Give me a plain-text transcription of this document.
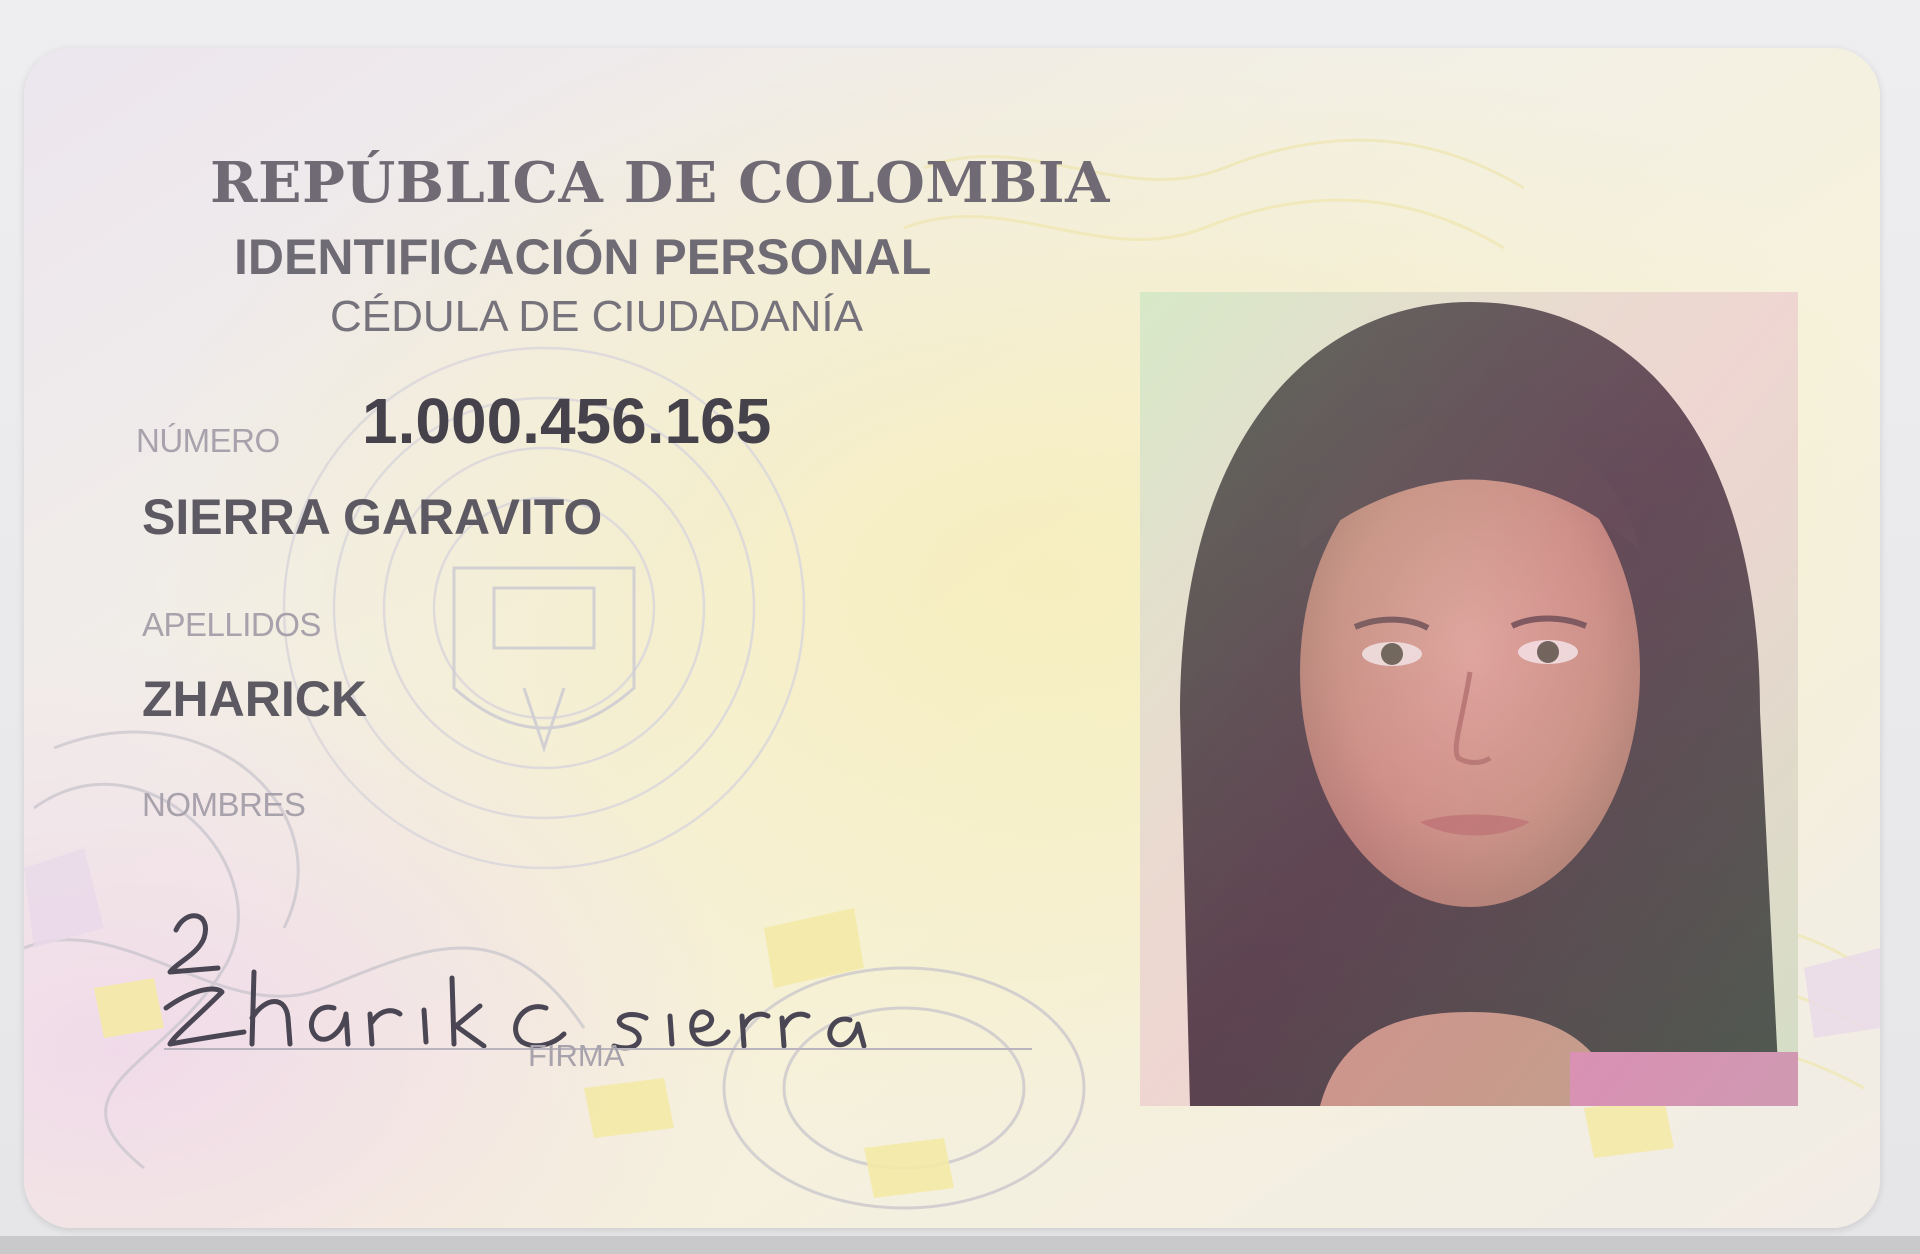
REPÚBLICA DE COLOMBIA

IDENTIFICACIÓN PERSONAL

CÉDULA DE CIUDADANÍA

NÚMERO 1.000.456.165

SIERRA GARAVITO

APELLIDOS

ZHARICK

NOMBRES

FIRMA
